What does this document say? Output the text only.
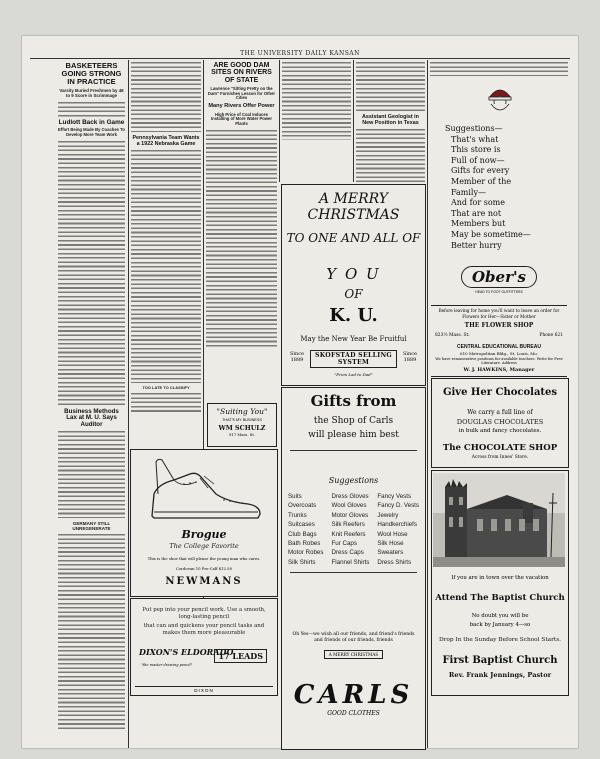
THE UNIVERSITY DAILY KANSAN
BASKETEERS GOING STRONG IN PRACTICE
Varsity Buried Freshmen by 48 to 9 Score in Scrimmage
Ludlott Back in Game
Effort Being Made By Coaches To Develop More Team Work
Business Methods Lax at M. U. Says Auditor
GERMANY STILL UNREGENERATE
Pennsylvania Team Wants a 1922 Nebraska Game
TOO LATE TO CLASSIFY
ARE GOOD DAM SITES ON RIVERS OF STATE
Lawrence "Sitting Pretty on the Dam" Furnishes Lesson for Other Cities
Many Rivers Offer Power
High Price of Coal Induces Installing of More Water Power Plants
"Suiting You"
THAT'S MY BUSINESS
WM SCHULZ
917 Mass. St.
Brogue
The College Favorite
This is the shoe that will please the young man who cares.
Cordovan 10 Pro-Calf $12.50
NEWMANS
Put pep into your pencil work. Use a smooth, long-lasting pencil
that can and quickens your pencil tasks and makes them more pleasurable
DIXON'S ELDORADO
"the master drawing pencil"
17 LEADS
DIXON
Assistant Geologist in New Position in Texas
A MERRY
CHRISTMAS
TO ONE AND ALL OF
Y O U
OF
K. U.
May the New Year Be Fruitful
Since 1889
SKOFSTAD SELLING SYSTEM
Since 1889
"From Lad to Dad"
Gifts from
the Shop of Carls
will please him best
Suggestions
Suits
Overcoats
Trunks
Suitcases
Club Bags
Bath Robes
Motor Robes
Silk Shirts
Dress Gloves
Wool Gloves
Motor Gloves
Silk Reefers
Knit Reefers
Fur Caps
Dress Caps
Flannel Shirts
Fancy Vests
Fancy D. Vests
Jewelry
Handkerchiefs
Wool Hose
Silk Hose
Sweaters
Dress Shirts
Oh Yes—we wish all our friends, and friend's friends and friends of our friends, friends
A MERRY CHRISTMAS
CARLS
GOOD CLOTHES
Suggestions—
That's what
This store is
Full of now—
Gifts for every
Member of the
Family—
And for some
That are not
Members but
May be sometime—
Better hurry
Ober's
HEAD TO FOOT OUTFITTERS
Before leaving for home you'll want to leave an order for Flowers for Her—Sister or Mother
THE FLOWER SHOP
823½ Mass. St.	Phone 621
CENTRAL EDUCATIONAL BUREAU
610 Metropolitan Bldg., St. Louis, Mo.
We have remunerative positions for available teachers. Write for Free Literature. Address
W. J. HAWKINS, Manager
Give Her Chocolates
We carry a full line of
DOUGLAS CHOCOLATES
in bulk and fancy chocolates.
The CHOCOLATE SHOP
Across from Innes' Store.
If you are in town over the vacation
Attend The Baptist Church
No doubt you will be
back by January 4—so
Drop In the Sunday Before School Starts.
First Baptist Church
Rev. Frank Jennings, Pastor
